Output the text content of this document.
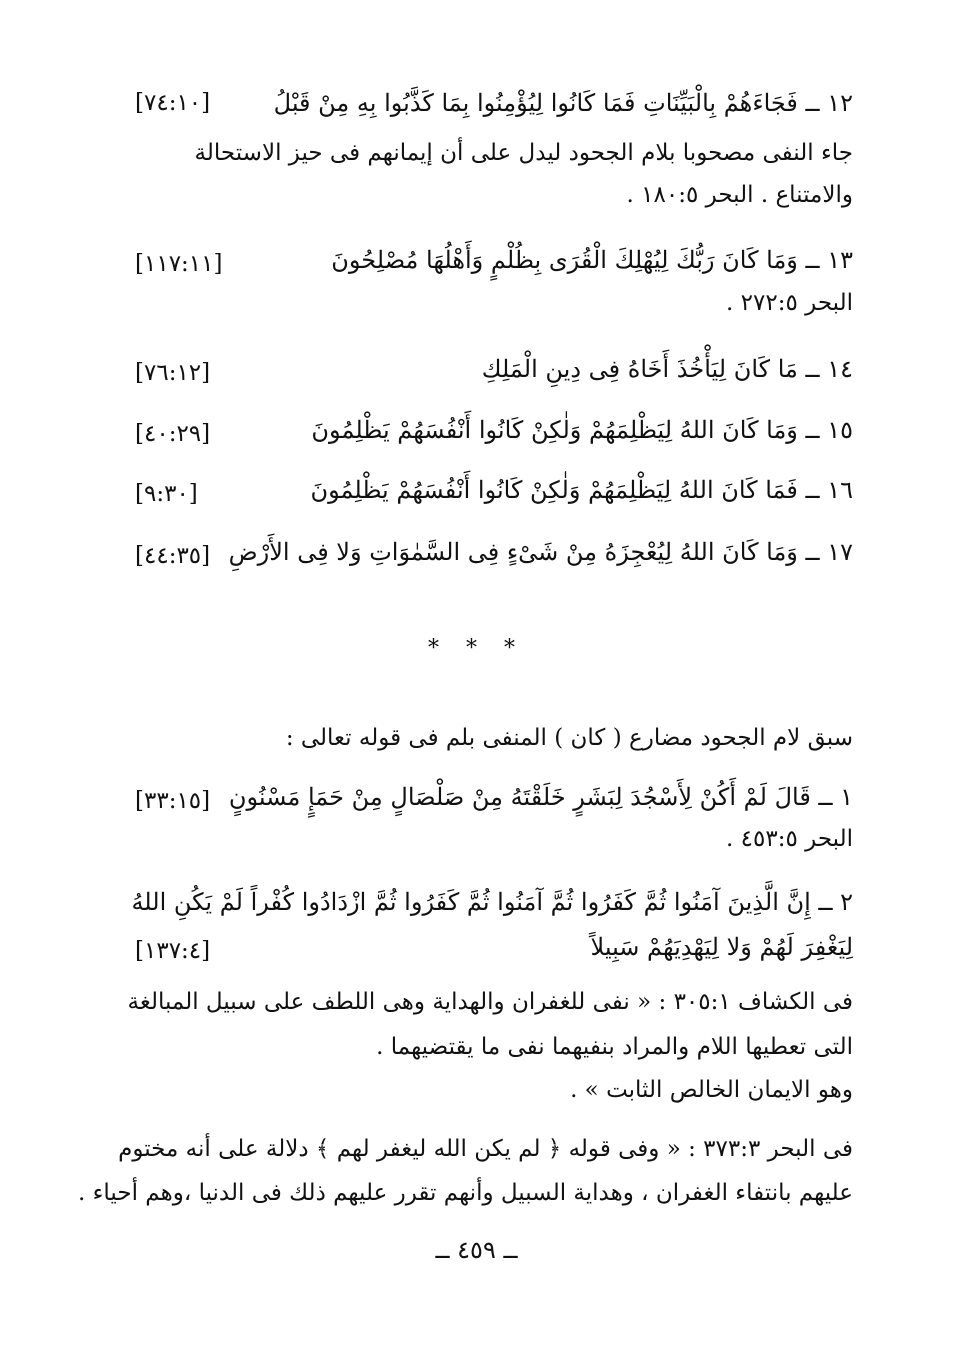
١٢ ــ فَجَاءَهُمْ بِالْبَيِّنَاتِ فَمَا كَانُوا لِيُؤْمِنُوا بِمَا كَذَّبُوا بِهِ مِنْ قَبْلُ
[٧٤:١٠]
جاء النفى مصحوبا بلام الجحود ليدل على أن إيمانهم فى حيز الاستحالة
والامتناع . البحر ١٨٠:٥ .
١٣ ــ وَمَا كَانَ رَبُّكَ لِيُهْلِكَ الْقُرَى بِظُلْمٍ وَأَهْلُهَا مُصْلِحُونَ
[١١٧:١١]
البحر ٢٧٢:٥ .
١٤ ــ مَا كَانَ لِيَأْخُذَ أَخَاهُ فِى دِينِ الْمَلِكِ
[٧٦:١٢]
١٥ ــ وَمَا كَانَ اللهُ لِيَظْلِمَهُمْ وَلٰكِنْ كَانُوا أَنْفُسَهُمْ يَظْلِمُونَ
[٤٠:٢٩]
١٦ ــ فَمَا كَانَ اللهُ لِيَظْلِمَهُمْ وَلٰكِنْ كَانُوا أَنْفُسَهُمْ يَظْلِمُونَ
[٩:٣٠]
١٧ ــ وَمَا كَانَ اللهُ لِيُعْجِزَهُ مِنْ شَىْءٍ فِى السَّمٰوَاتِ وَلا فِى الأَرْضِ
[٤٤:٣٥]
* * *
سبق لام الجحود مضارع ( كان ) المنفى بلم فى قوله تعالى :
١ ــ قَالَ لَمْ أَكُنْ لِأَسْجُدَ لِبَشَرٍ خَلَقْتَهُ مِنْ صَلْصَالٍ مِنْ حَمَإٍ مَسْنُونٍ
[٣٣:١٥]
البحر ٤٥٣:٥ .
٢ ــ إِنَّ الَّذِينَ آمَنُوا ثُمَّ كَفَرُوا ثُمَّ آمَنُوا ثُمَّ كَفَرُوا ثُمَّ ازْدَادُوا كُفْراً لَمْ يَكُنِ اللهُ
لِيَغْفِرَ لَهُمْ وَلا لِيَهْدِيَهُمْ سَبِيلاً
[١٣٧:٤]
فى الكشاف ٣٠٥:١ : « نفى للغفران والهداية وهى اللطف على سبيل المبالغة
التى تعطيها اللام والمراد بنفيهما نفى ما يقتضيهما .
وهو الايمان الخالص الثابت » .
فى البحر ٣٧٣:٣ : « وفى قوله ﴿ لم يكن الله ليغفر لهم ﴾ دلالة على أنه مختوم
عليهم بانتفاء الغفران ، وهداية السبيل وأنهم تقرر عليهم ذلك فى الدنيا ،وهم أحياء .
ــ ٤٥٩ ــ
